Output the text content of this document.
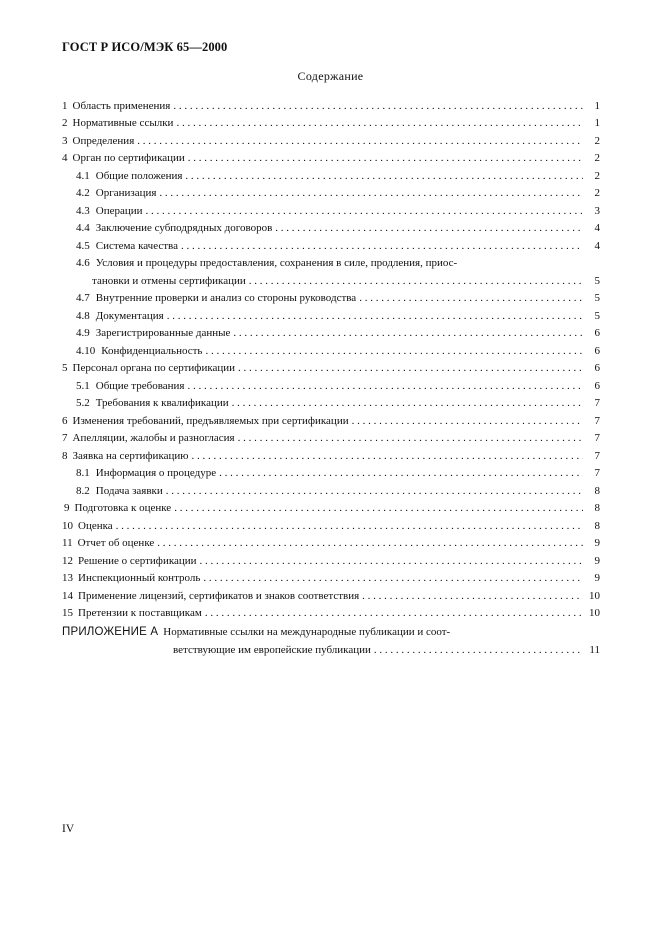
ГОСТ Р ИСО/МЭК 65—2000
Содержание
1 Область применения . . .	1
2 Нормативные ссылки . . .	1
3 Определения . . .	2
4 Орган по сертификации . . .	2
4.1 Общие положения . . .	2
4.2 Организация . . .	2
4.3 Операции . . .	3
4.4 Заключение субподрядных договоров . . .	4
4.5 Система качества . . .	4
4.6 Условия и процедуры предоставления, сохранения в силе, продления, приос-
тановки и отмены сертификации . . .	5
4.7 Внутренние проверки и анализ со стороны руководства . . .	5
4.8 Документация . . .	5
4.9 Зарегистрированные данные . . .	6
4.10 Конфиденциальность . . .	6
5 Персонал органа по сертификации . . .	6
5.1 Общие требования . . .	6
5.2 Требования к квалификации . . .	7
6 Изменения требований, предъявляемых при сертификации . . .	7
7 Апелляции, жалобы и разногласия . . .	7
8 Заявка на сертификацию . . .	7
8.1 Информация о процедуре . . .	7
8.2 Подача заявки . . .	8
9 Подготовка к оценке . . .	8
10 Оценка . . .	8
11 Отчет об оценке . . .	9
12 Решение о сертификации . . .	9
13 Инспекционный контроль . . .	9
14 Применение лицензий, сертификатов и знаков соответствия . . .	10
15 Претензии к поставщикам . . .	10
ПРИЛОЖЕНИЕ А Нормативные ссылки на международные публикации и соот-
ветствующие им европейские публикации . . .	11
IV
